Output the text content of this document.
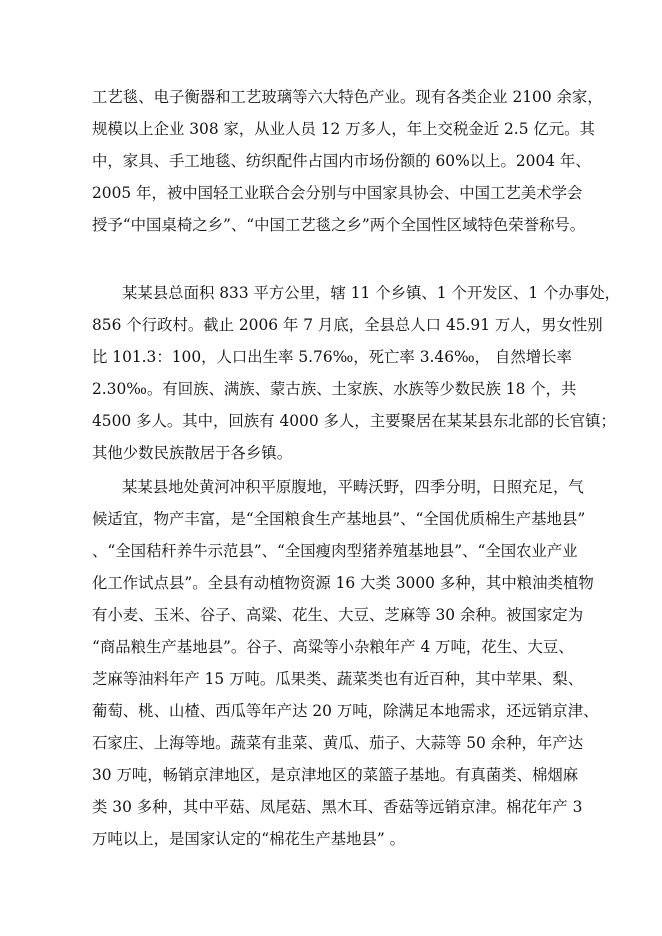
工艺毯、电子衡器和工艺玻璃等六大特色产业。现有各类企业 2100 余家，
规模以上企业 308 家，从业人员 12 万多人，年上交税金近 2.5 亿元。其
中，家具、手工地毯、纺织配件占国内市场份额的 60%以上。2004 年、
2005 年，被中国轻工业联合会分别与中国家具协会、中国工艺美术学会
授予“中国桌椅之乡”、“中国工艺毯之乡”两个全国性区域特色荣誉称号。
某某县总面积 833 平方公里，辖 11 个乡镇、1 个开发区、1 个办事处，
856 个行政村。截止 2006 年 7 月底，全县总人口 45.91 万人，男女性别
比 101.3：100，人口出生率 5.76‰，死亡率 3.46‰， 自然增长率
2.30‰。有回族、满族、蒙古族、土家族、水族等少数民族 18 个，共
4500 多人。其中，回族有 4000 多人，主要聚居在某某县东北部的长官镇；
其他少数民族散居于各乡镇。
某某县地处黄河冲积平原腹地，平畴沃野，四季分明，日照充足，气
候适宜，物产丰富，是“全国粮食生产基地县”、“全国优质棉生产基地县”
、“全国秸秆养牛示范县”、“全国瘦肉型猪养殖基地县”、“全国农业产业
化工作试点县”。全县有动植物资源 16 大类 3000 多种，其中粮油类植物
有小麦、玉米、谷子、高粱、花生、大豆、芝麻等 30 余种。被国家定为
“商品粮生产基地县”。谷子、高粱等小杂粮年产 4 万吨，花生、大豆、
芝麻等油料年产 15 万吨。瓜果类、蔬菜类也有近百种，其中苹果、梨、
葡萄、桃、山楂、西瓜等年产达 20 万吨，除满足本地需求，还远销京津、
石家庄、上海等地。蔬菜有韭菜、黄瓜、茄子、大蒜等 50 余种，年产达
30 万吨，畅销京津地区，是京津地区的菜篮子基地。有真菌类、棉烟麻
类 30 多种，其中平菇、凤尾菇、黑木耳、香菇等远销京津。棉花年产 3
万吨以上，是国家认定的“棉花生产基地县” 。
